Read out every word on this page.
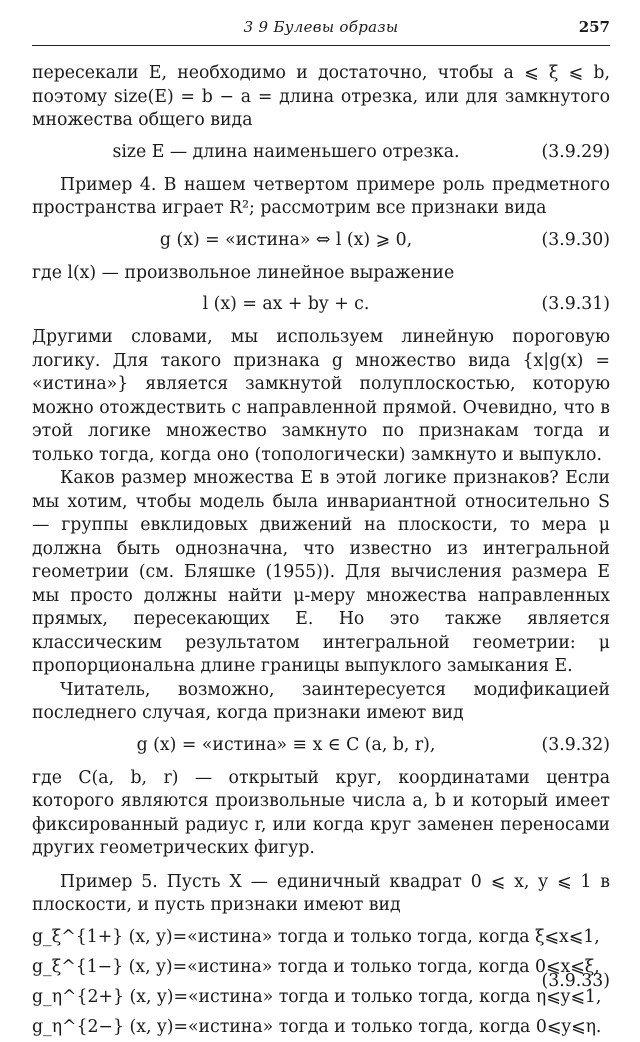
3 9 Булевы образы	257

пересекали E, необходимо и достаточно, чтобы a ⩽ ξ ⩽ b, поэтому size(E) = b − a = длина отрезка, или для замкнутого множества общего вида

size E — длина наименьшего отрезка.	(3.9.29)

Пример 4. В нашем четвертом примере роль предметного пространства играет R²; рассмотрим все признаки вида

g (x) = «истина» ⇔ l (x) ⩾ 0,	(3.9.30)

где l(x) — произвольное линейное выражение

l (x) = ax + by + c.	(3.9.31)

Другими словами, мы используем линейную пороговую логику. Для такого признака g множество вида {x|g(x) = «истина»} является замкнутой полуплоскостью, которую можно отождествить с направленной прямой. Очевидно, что в этой логике множество замкнуто по признакам тогда и только тогда, когда оно (топологически) замкнуто и выпукло.

Каков размер множества E в этой логике признаков? Если мы хотим, чтобы модель была инвариантной относительно S — группы евклидовых движений на плоскости, то мера μ должна быть однозначна, что известно из интегральной геометрии (см. Бляшке (1955)). Для вычисления размера E мы просто должны найти μ-меру множества направленных прямых, пересекающих E. Но это также является классическим результатом интегральной геометрии: μ пропорциональна длине границы выпуклого замыкания E.

Читатель, возможно, заинтересуется модификацией последнего случая, когда признаки имеют вид

g (x) = «истина» ≡ x ∈ C (a, b, r),	(3.9.32)

где C(a, b, r) — открытый круг, координатами центра которого являются произвольные числа a, b и который имеет фиксированный радиус r, или когда круг заменен переносами других геометрических фигур.

Пример 5. Пусть X — единичный квадрат 0 ⩽ x, y ⩽ 1 в плоскости, и пусть признаки имеют вид

g_ξ^{1+} (x, y)=«истина» тогда и только тогда, когда ξ⩽x⩽1,
g_ξ^{1−} (x, y)=«истина» тогда и только тогда, когда 0⩽x⩽ξ,
g_η^{2+} (x, y)=«истина» тогда и только тогда, когда η⩽y⩽1,
g_η^{2−} (x, y)=«истина» тогда и только тогда, когда 0⩽y⩽η.
(3.9.33)
